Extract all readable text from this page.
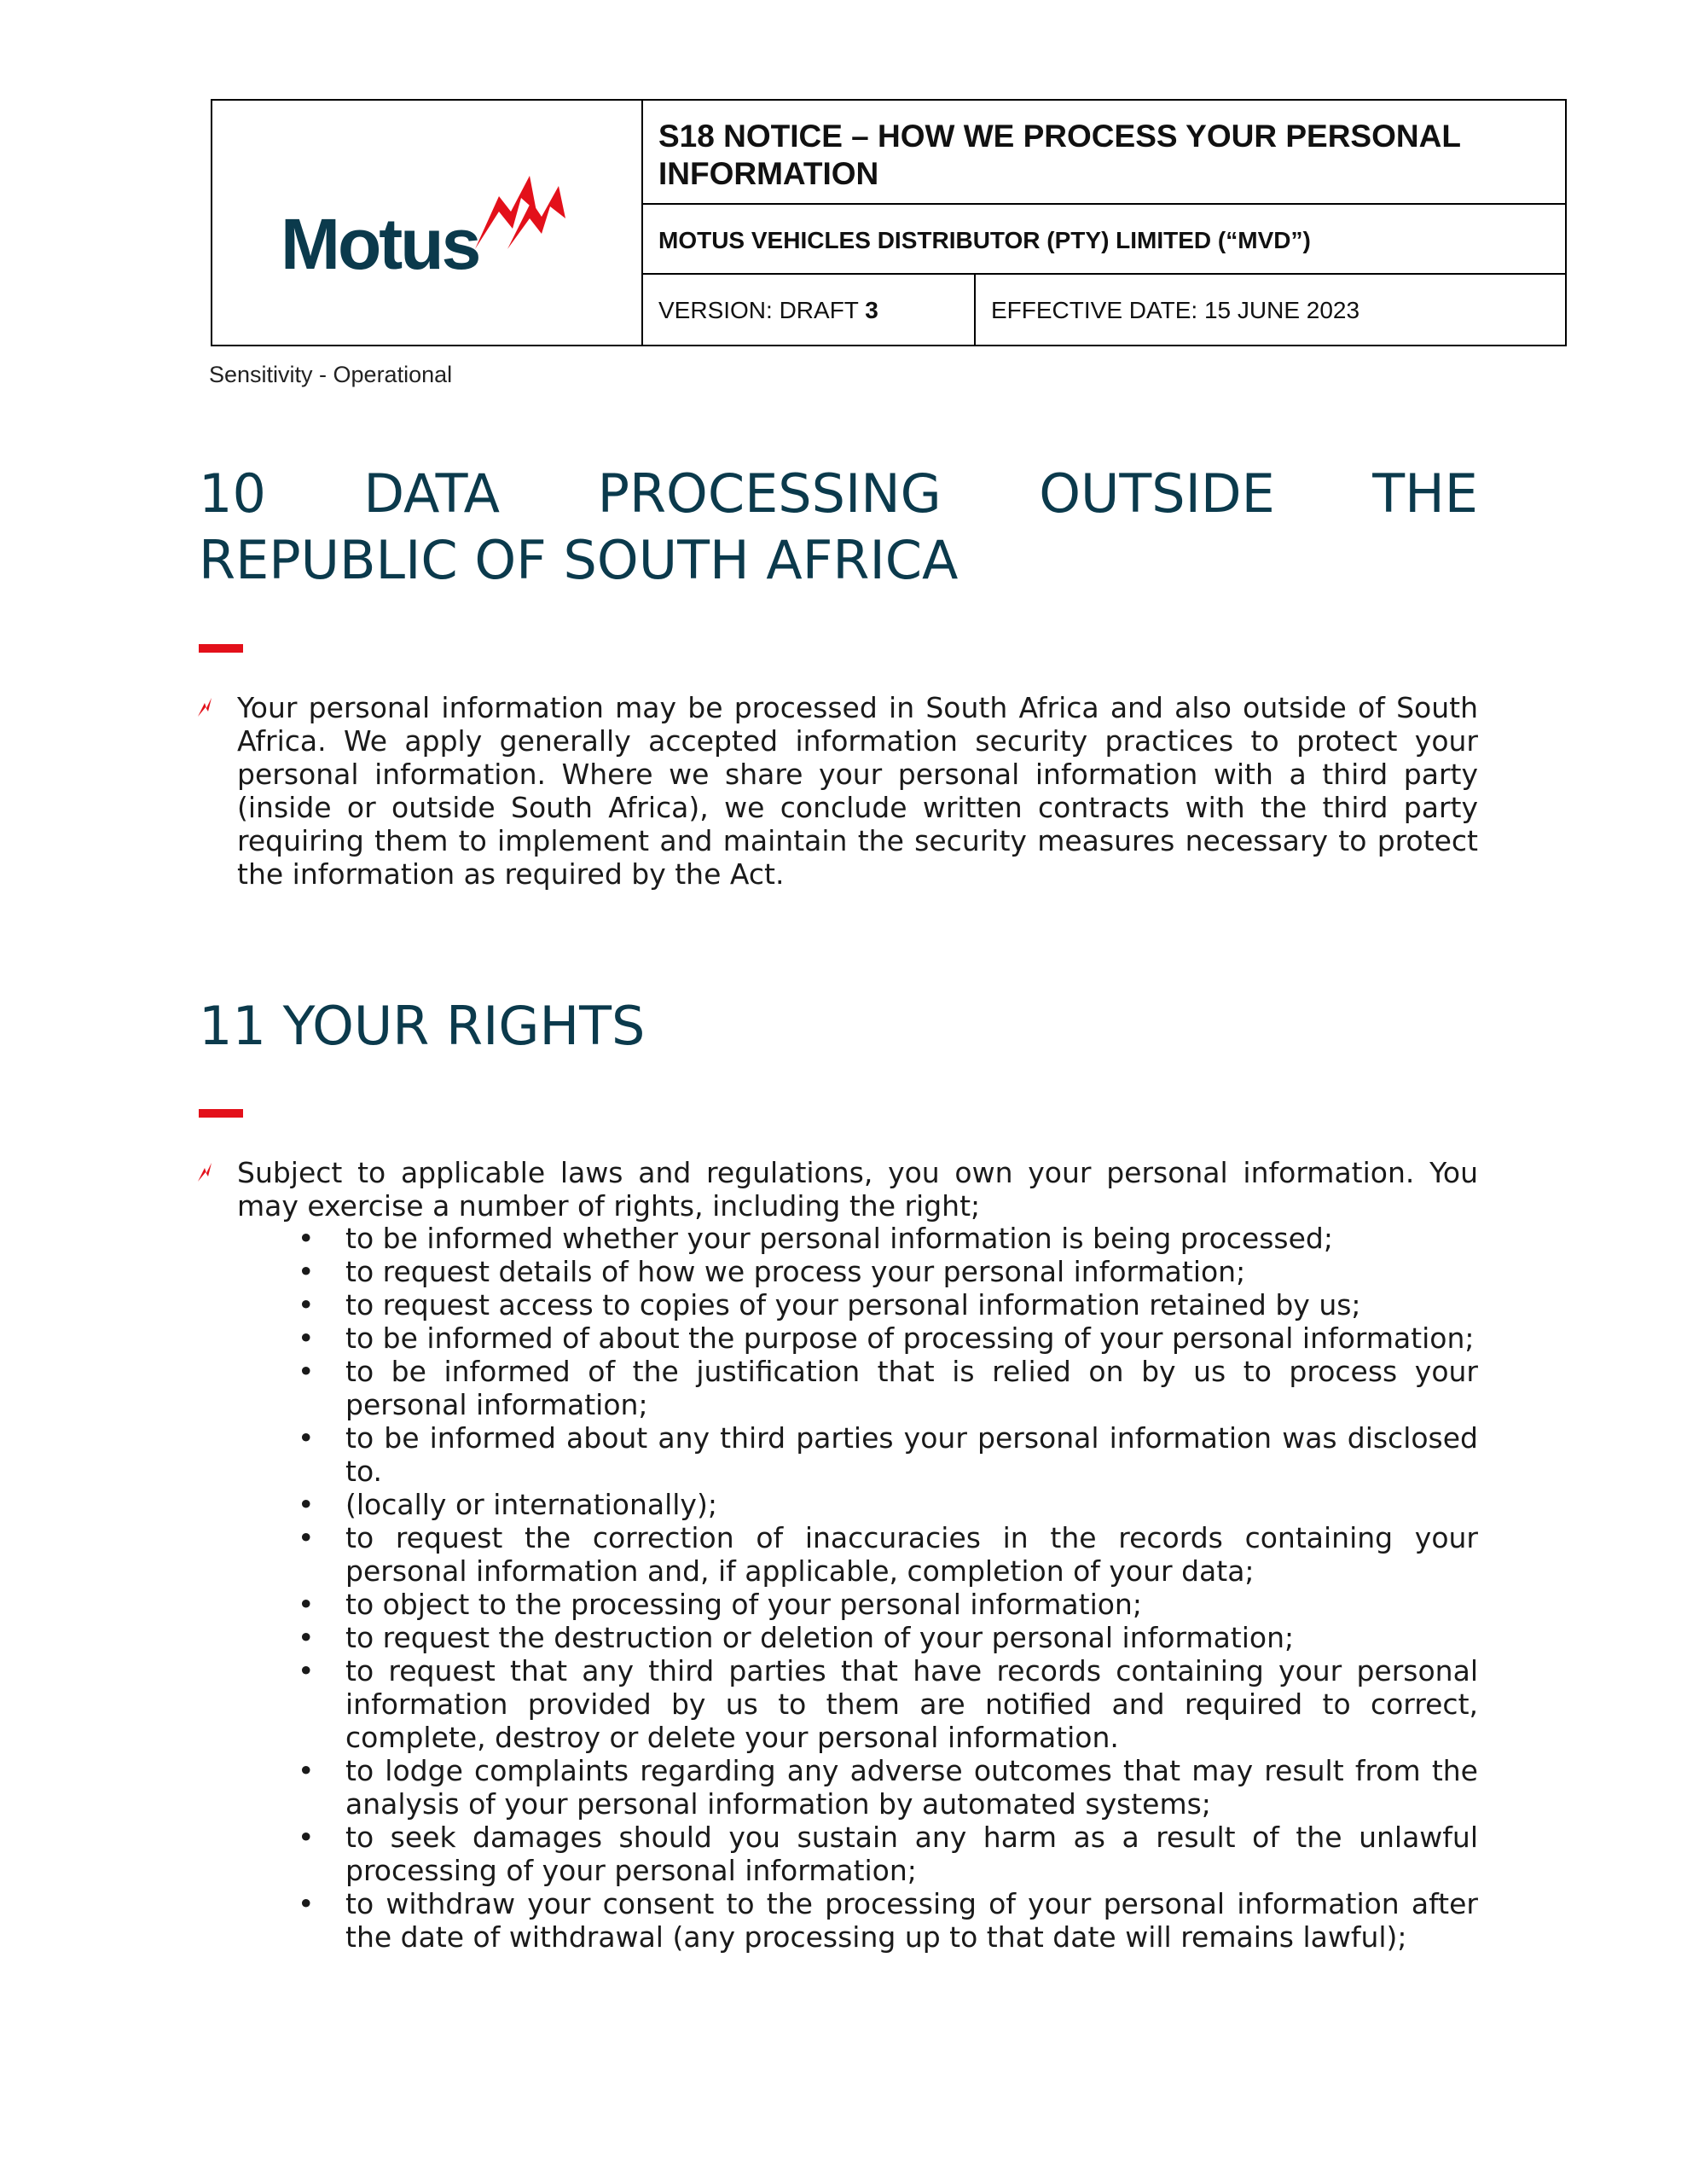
Motus
S18 NOTICE – HOW WE PROCESS YOUR PERSONAL INFORMATION
MOTUS VEHICLES DISTRIBUTOR (PTY) LIMITED (“MVD”)
VERSION: DRAFT 3	EFFECTIVE DATE: 15 JUNE 2023
Sensitivity - Operational
10 DATA PROCESSING OUTSIDE THE
REPUBLIC OF SOUTH AFRICA
Your personal information may be processed in South Africa and also outside of South Africa. We apply generally accepted information security practices to protect your personal information. Where we share your personal information with a third party (inside or outside South Africa), we conclude written contracts with the third party requiring them to implement and maintain the security measures necessary to protect the information as required by the Act.
11 YOUR RIGHTS
Subject to applicable laws and regulations, you own your personal information. You may exercise a number of rights, including the right;
• to be informed whether your personal information is being processed;
• to request details of how we process your personal information;
• to request access to copies of your personal information retained by us;
• to be informed of about the purpose of processing of your personal information;
• to be informed of the justification that is relied on by us to process your personal information;
• to be informed about any third parties your personal information was disclosed to.
• (locally or internationally);
• to request the correction of inaccuracies in the records containing your personal information and, if applicable, completion of your data;
• to object to the processing of your personal information;
• to request the destruction or deletion of your personal information;
• to request that any third parties that have records containing your personal information provided by us to them are notified and required to correct, complete, destroy or delete your personal information.
• to lodge complaints regarding any adverse outcomes that may result from the analysis of your personal information by automated systems;
• to seek damages should you sustain any harm as a result of the unlawful processing of your personal information;
• to withdraw your consent to the processing of your personal information after the date of withdrawal (any processing up to that date will remains lawful);
